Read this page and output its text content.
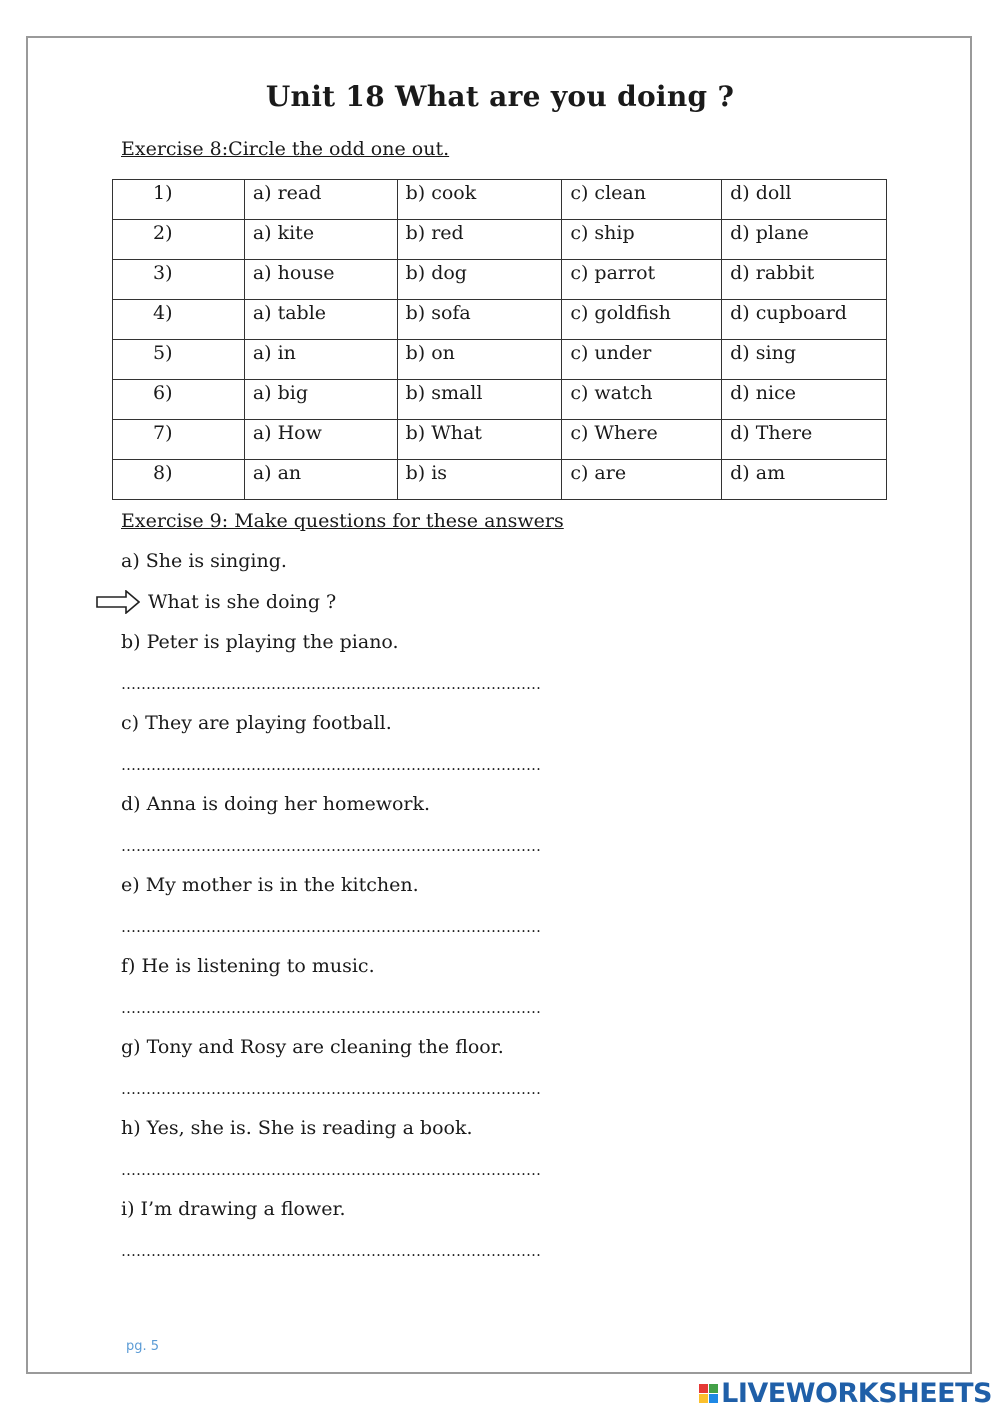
Unit 18 What are you doing ?
Exercise 8:Circle the odd one out.
1)	a) read	b) cook	c) clean	d) doll
2)	a) kite	b) red	c) ship	d) plane
3)	a) house	b) dog	c) parrot	d) rabbit
4)	a) table	b) sofa	c) goldfish	d) cupboard
5)	a) in	b) on	c) under	d) sing
6)	a) big	b) small	c) watch	d) nice
7)	a) How	b) What	c) Where	d) There
8)	a) an	b) is	c) are	d) am
Exercise 9: Make questions for these answers
a) She is singing.
What is she doing ?
b) Peter is playing the piano.
…………………………………………………………………………
c) They are playing football.
…………………………………………………………………………
d) Anna is doing her homework.
…………………………………………………………………………
e) My mother is in the kitchen.
…………………………………………………………………………
f) He is listening to music.
…………………………………………………………………………
g) Tony and Rosy are cleaning the floor.
…………………………………………………………………………
h) Yes, she is. She is reading a book.
…………………………………………………………………………
i) I’m drawing a flower.
…………………………………………………………………………
pg. 5
LIVEWORKSHEETS
